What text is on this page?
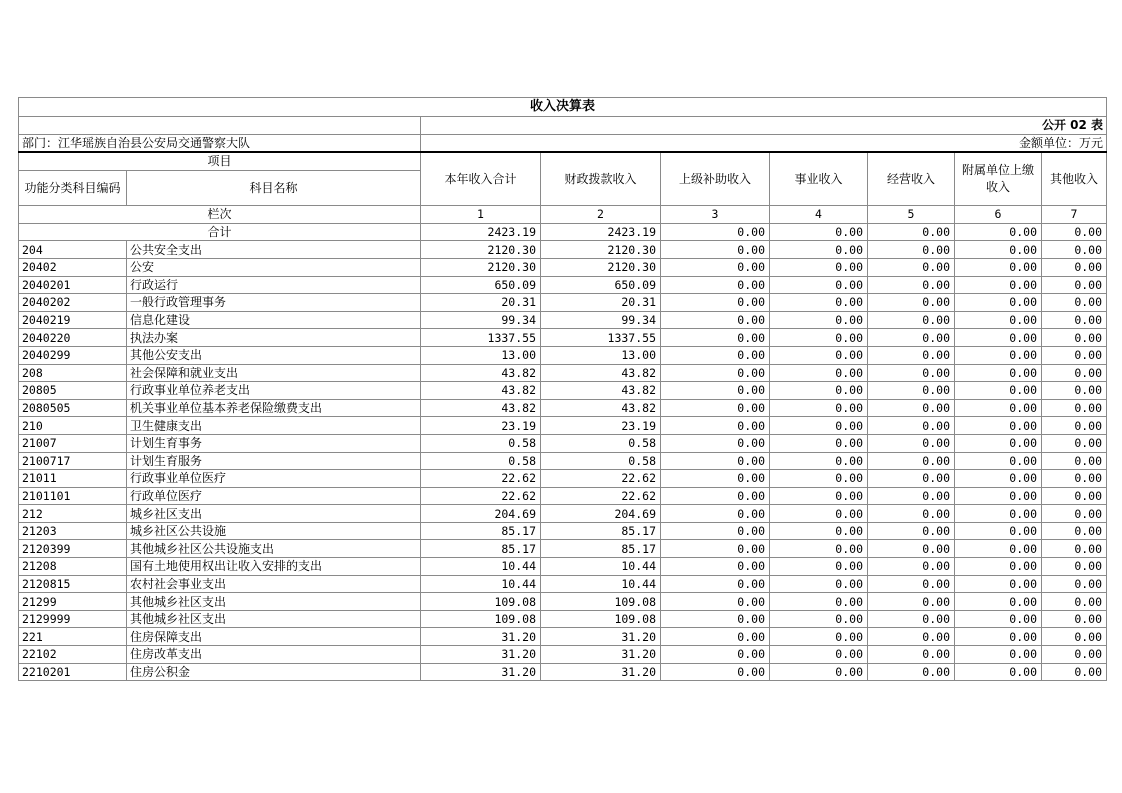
收入决算表								
		公开 02 表						
部门：江华瑶族自治县公安局交通警察大队		金额单位：万元						
项目		本年收入合计	财政拨款收入	上级补助收入	事业收入	经营收入	附属单位上缴收入	其他收入
功能分类科目编码	科目名称							
栏次		1	2	3	4	5	6	7
合计		2423.19	2423.19	0.00	0.00	0.00	0.00	0.00
204	公共安全支出	2120.30	2120.30	0.00	0.00	0.00	0.00	0.00
20402	公安	2120.30	2120.30	0.00	0.00	0.00	0.00	0.00
2040201	行政运行	650.09	650.09	0.00	0.00	0.00	0.00	0.00
2040202	一般行政管理事务	20.31	20.31	0.00	0.00	0.00	0.00	0.00
2040219	信息化建设	99.34	99.34	0.00	0.00	0.00	0.00	0.00
2040220	执法办案	1337.55	1337.55	0.00	0.00	0.00	0.00	0.00
2040299	其他公安支出	13.00	13.00	0.00	0.00	0.00	0.00	0.00
208	社会保障和就业支出	43.82	43.82	0.00	0.00	0.00	0.00	0.00
20805	行政事业单位养老支出	43.82	43.82	0.00	0.00	0.00	0.00	0.00
2080505	机关事业单位基本养老保险缴费支出	43.82	43.82	0.00	0.00	0.00	0.00	0.00
210	卫生健康支出	23.19	23.19	0.00	0.00	0.00	0.00	0.00
21007	计划生育事务	0.58	0.58	0.00	0.00	0.00	0.00	0.00
2100717	计划生育服务	0.58	0.58	0.00	0.00	0.00	0.00	0.00
21011	行政事业单位医疗	22.62	22.62	0.00	0.00	0.00	0.00	0.00
2101101	行政单位医疗	22.62	22.62	0.00	0.00	0.00	0.00	0.00
212	城乡社区支出	204.69	204.69	0.00	0.00	0.00	0.00	0.00
21203	城乡社区公共设施	85.17	85.17	0.00	0.00	0.00	0.00	0.00
2120399	其他城乡社区公共设施支出	85.17	85.17	0.00	0.00	0.00	0.00	0.00
21208	国有土地使用权出让收入安排的支出	10.44	10.44	0.00	0.00	0.00	0.00	0.00
2120815	农村社会事业支出	10.44	10.44	0.00	0.00	0.00	0.00	0.00
21299	其他城乡社区支出	109.08	109.08	0.00	0.00	0.00	0.00	0.00
2129999	其他城乡社区支出	109.08	109.08	0.00	0.00	0.00	0.00	0.00
221	住房保障支出	31.20	31.20	0.00	0.00	0.00	0.00	0.00
22102	住房改革支出	31.20	31.20	0.00	0.00	0.00	0.00	0.00
2210201	住房公积金	31.20	31.20	0.00	0.00	0.00	0.00	0.00
